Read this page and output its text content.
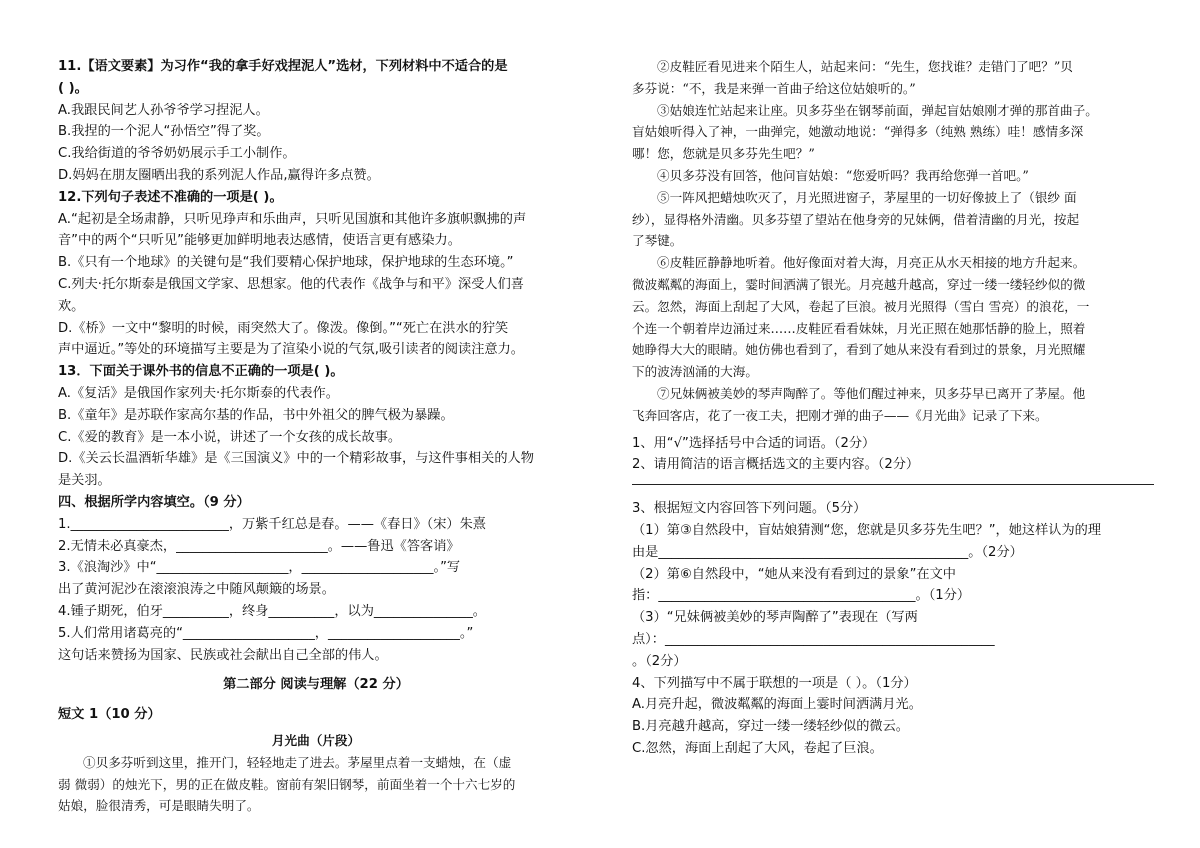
11.【语文要素】为习作“我的拿手好戏捏泥人”选材，下列材料中不适合的是
( )。
A.我跟民间艺人孙爷爷学习捏泥人。
B.我捏的一个泥人“孙悟空”得了奖。
C.我给街道的爷爷奶奶展示手工小制作。
D.妈妈在朋友圈晒出我的系列泥人作品,赢得许多点赞。
12.下列句子表述不准确的一项是( )。
A.“起初是全场肃静，只听见琤声和乐曲声，只听见国旗和其他许多旗帜飘拂的声
音”中的两个“只听见”能够更加鲜明地表达感情，使语言更有感染力。
B.《只有一个地球》的关键句是“我们要精心保护地球，保护地球的生态环境。”
C.列夫·托尔斯泰是俄国文学家、思想家。他的代表作《战争与和平》深受人们喜
欢。
D.《桥》一文中“黎明的时候，雨突然大了。像泼。像倒。”“死亡在洪水的狞笑
声中逼近。”等处的环境描写主要是为了渲染小说的气氛,吸引读者的阅读注意力。
13．下面关于课外书的信息不正确的一项是( )。
A.《复活》是俄国作家列夫·托尔斯泰的代表作。
B.《童年》是苏联作家高尔基的作品，书中外祖父的脾气极为暴躁。
C.《爱的教育》是一本小说，讲述了一个女孩的成长故事。
D.《关云长温酒斩华雄》是《三国演义》中的一个精彩故事，与这件事相关的人物
是关羽。
四、根据所学内容填空。（9 分）
1.________________________，万紫千红总是春。——《春日》（宋）朱熹
2.无情未必真豪杰，_______________________。——鲁迅《答客诮》
3.《浪淘沙》中“____________________，____________________。”写
出了黄河泥沙在滚滚浪涛之中随风颠簸的场景。
4.锺子期死，伯牙__________，终身__________，以为_______________。
5.人们常用诸葛亮的“____________________，____________________。”
这句话来赞扬为国家、民族或社会献出自己全部的伟人。
第二部分 阅读与理解（22 分）
短文 1（10 分）
月光曲（片段）
①贝多芬听到这里，推开门，轻轻地走了进去。茅屋里点着一支蜡烛，在（虚
弱 微弱）的烛光下，男的正在做皮鞋。窗前有架旧钢琴，前面坐着一个十六七岁的
姑娘，脸很清秀，可是眼睛失明了。
②皮鞋匠看见进来个陌生人，站起来问：“先生，您找谁？走错门了吧？”贝
多芬说：“不，我是来弹一首曲子给这位姑娘听的。”
③姑娘连忙站起来让座。贝多芬坐在钢琴前面，弹起盲姑娘刚才弹的那首曲子。
盲姑娘听得入了神，一曲弹完，她激动地说：“弹得多（纯熟 熟练）哇！感情多深
哪！您，您就是贝多芬先生吧？”
④贝多芬没有回答，他问盲姑娘：“您爱听吗？我再给您弹一首吧。”
⑤一阵风把蜡烛吹灭了，月光照进窗子，茅屋里的一切好像披上了（银纱 面
纱），显得格外清幽。贝多芬望了望站在他身旁的兄妹俩，借着清幽的月光，按起
了琴键。
⑥皮鞋匠静静地听着。他好像面对着大海，月亮正从水天相接的地方升起来。
微波粼粼的海面上，霎时间洒满了银光。月亮越升越高，穿过一缕一缕轻纱似的微
云。忽然，海面上刮起了大风，卷起了巨浪。被月光照得（雪白 雪亮）的浪花，一
个连一个朝着岸边涌过来……皮鞋匠看看妹妹，月光正照在她那恬静的脸上，照着
她睁得大大的眼睛。她仿佛也看到了，看到了她从来没有看到过的景象，月光照耀
下的波涛汹涌的大海。
⑦兄妹俩被美妙的琴声陶醉了。等他们醒过神来，贝多芬早已离开了茅屋。他
飞奔回客店，花了一夜工夫，把刚才弹的曲子——《月光曲》记录了下来。
1、用“√”选择括号中合适的词语。（2分）
2、请用简洁的语言概括选文的主要内容。（2分）
3、根据短文内容回答下列问题。（5分）
（1）第③自然段中，盲姑娘猜测“您，您就是贝多芬先生吧？”，她这样认为的理
由是_______________________________________________。（2分）
（2）第⑥自然段中，“她从来没有看到过的景象”在文中
指：_______________________________________。（1分）
（3）“兄妹俩被美妙的琴声陶醉了”表现在（写两
点）：__________________________________________________
。（2分）
4、下列描写中不属于联想的一项是（ ）。（1分）
A.月亮升起，微波粼粼的海面上霎时间洒满月光。
B.月亮越升越高，穿过一缕一缕轻纱似的微云。
C.忽然，海面上刮起了大风，卷起了巨浪。
